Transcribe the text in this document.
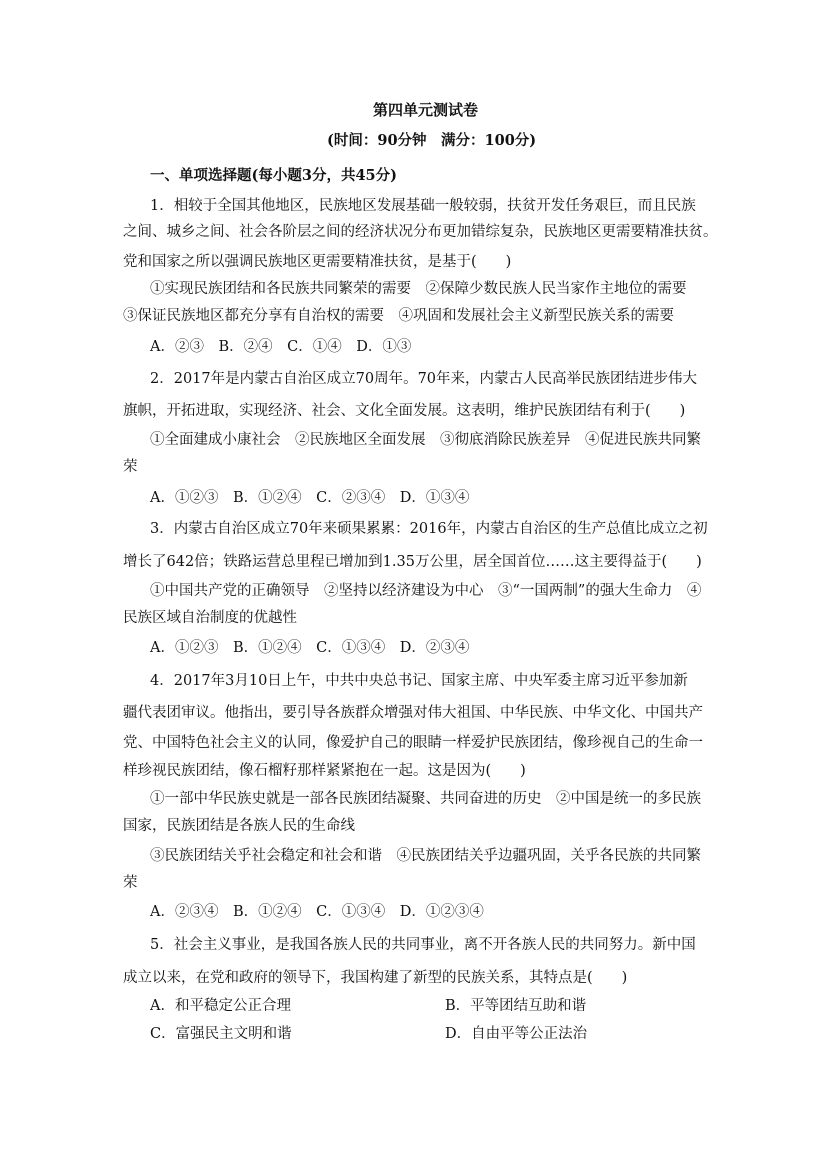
第四单元测试卷
(时间：90分钟　满分：100分)
一、单项选择题(每小题3分，共45分)
1．相较于全国其他地区，民族地区发展基础一般较弱，扶贫开发任务艰巨，而且民族
之间、城乡之间、社会各阶层之间的经济状况分布更加错综复杂，民族地区更需要精准扶贫。
党和国家之所以强调民族地区更需要精准扶贫，是基于(　　)
①实现民族团结和各民族共同繁荣的需要　②保障少数民族人民当家作主地位的需要
③保证民族地区都充分享有自治权的需要　④巩固和发展社会主义新型民族关系的需要
A．②③　B．②④　C．①④　D．①③
2．2017年是内蒙古自治区成立70周年。70年来，内蒙古人民高举民族团结进步伟大
旗帜，开拓进取，实现经济、社会、文化全面发展。这表明，维护民族团结有利于(　　)
①全面建成小康社会　②民族地区全面发展　③彻底消除民族差异　④促进民族共同繁
荣
A．①②③　B．①②④　C．②③④　D．①③④
3．内蒙古自治区成立70年来硕果累累：2016年，内蒙古自治区的生产总值比成立之初
增长了642倍；铁路运营总里程已增加到1.35万公里，居全国首位……这主要得益于(　　)
①中国共产党的正确领导　②坚持以经济建设为中心　③“一国两制”的强大生命力　④
民族区域自治制度的优越性
A．①②③　B．①②④　C．①③④　D．②③④
4．2017年3月10日上午，中共中央总书记、国家主席、中央军委主席习近平参加新
疆代表团审议。他指出，要引导各族群众增强对伟大祖国、中华民族、中华文化、中国共产
党、中国特色社会主义的认同，像爱护自己的眼睛一样爱护民族团结，像珍视自己的生命一
样珍视民族团结，像石榴籽那样紧紧抱在一起。这是因为(　　)
①一部中华民族史就是一部各民族团结凝聚、共同奋进的历史　②中国是统一的多民族
国家，民族团结是各族人民的生命线
③民族团结关乎社会稳定和社会和谐　④民族团结关乎边疆巩固，关乎各民族的共同繁
荣
A．②③④　B．①②④　C．①③④　D．①②③④
5．社会主义事业，是我国各族人民的共同事业，离不开各族人民的共同努力。新中国
成立以来，在党和政府的领导下，我国构建了新型的民族关系，其特点是(　　)
A．和平稳定公正合理	B．平等团结互助和谐
C．富强民主文明和谐	D．自由平等公正法治
